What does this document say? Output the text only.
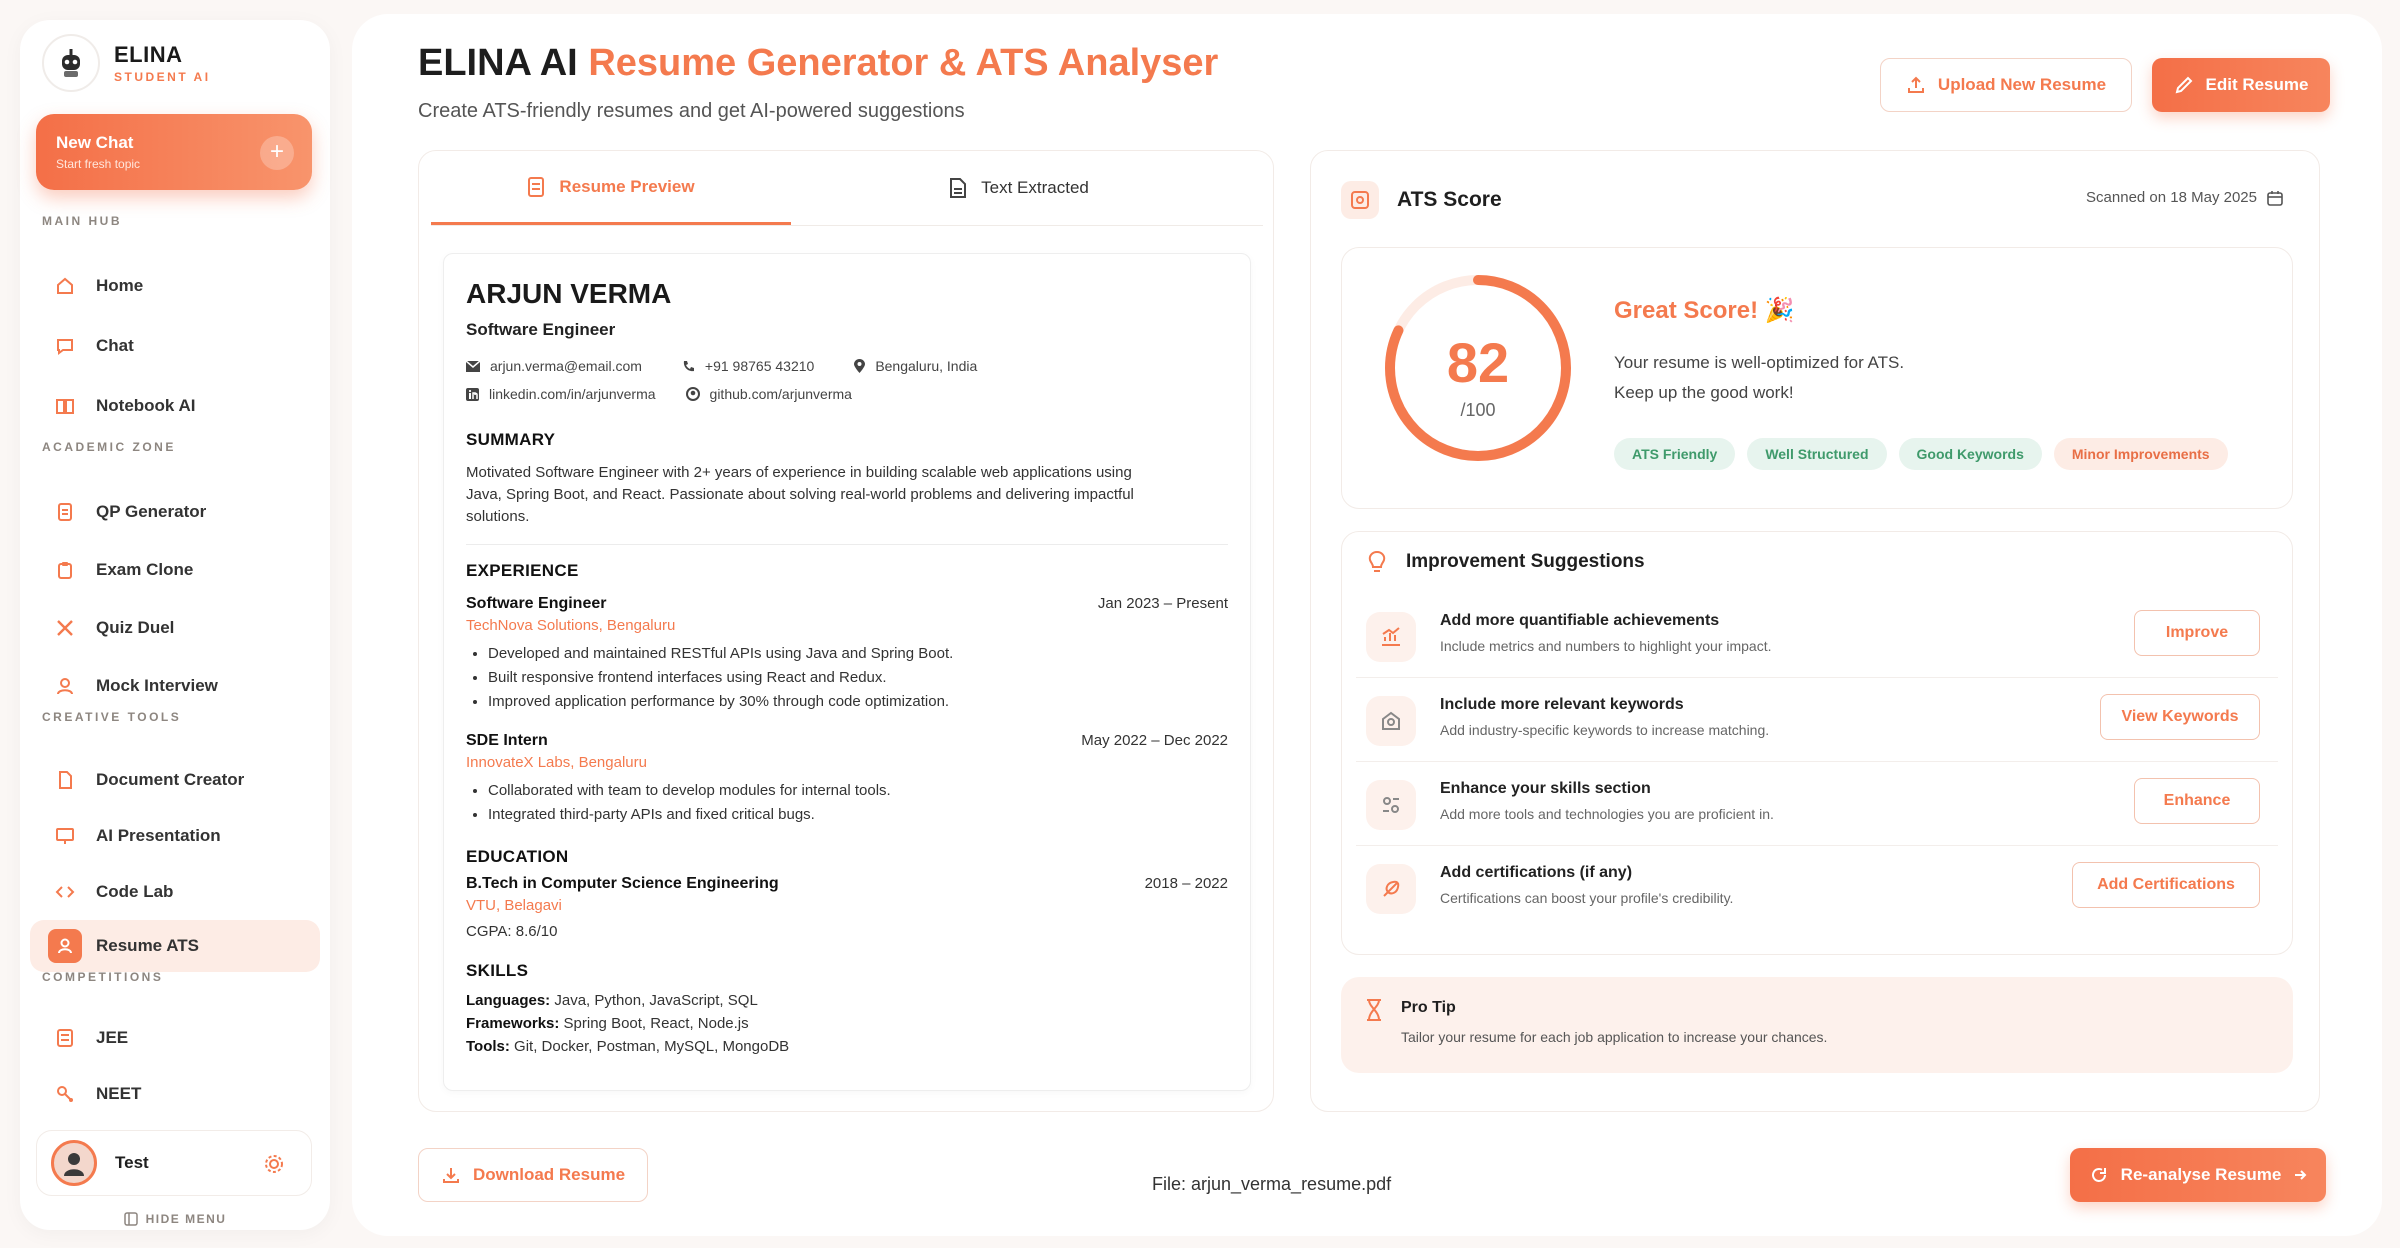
ELINA
STUDENT AI
New Chat
Start fresh topic	+
MAIN HUB
Home
Chat
Notebook AI
ACADEMIC ZONE
QP Generator
Exam Clone
Quiz Duel
Mock Interview
CREATIVE TOOLS
Document Creator
AI Presentation
Code Lab
Resume ATS
COMPETITIONS
JEE
NEET
Test
HIDE MENU
ELINA AI Resume Generator & ATS Analyser
Create ATS-friendly resumes and get AI-powered suggestions
Upload New Resume	Edit Resume
Resume Preview	Text Extracted
ARJUN VERMA
Software Engineer
arjun.verma@email.com	+91 98765 43210	Bengaluru, India
linkedin.com/in/arjunverma	github.com/arjunverma
SUMMARY

Motivated Software Engineer with 2+ years of experience in building scalable web applications using Java, Spring Boot, and React. Passionate about solving real-world problems and delivering impactful solutions.

EXPERIENCE
Software Engineer	Jan 2023 – Present
TechNova Solutions, Bengaluru
• Developed and maintained RESTful APIs using Java and Spring Boot.
• Built responsive frontend interfaces using React and Redux.
• Improved application performance by 30% through code optimization.
SDE Intern	May 2022 – Dec 2022
InnovateX Labs, Bengaluru
• Collaborated with team to develop modules for internal tools.
• Integrated third-party APIs and fixed critical bugs.
EDUCATION
B.Tech in Computer Science Engineering	2018 – 2022
VTU, Belagavi
CGPA: 8.6/10
SKILLS
Languages: Java, Python, JavaScript, SQL
Frameworks: Spring Boot, React, Node.js
Tools: Git, Docker, Postman, MySQL, MongoDB
ATS Score	Scanned on 18 May 2025
82
/100
Great Score! 🎉
Your resume is well-optimized for ATS.
Keep up the good work!
ATS Friendly	Well Structured	Good Keywords	Minor Improvements
Improvement Suggestions
Add more quantifiable achievements
Include metrics and numbers to highlight your impact.
Improve
Include more relevant keywords
Add industry-specific keywords to increase matching.
View Keywords
Enhance your skills section
Add more tools and technologies you are proficient in.
Enhance
Add certifications (if any)
Certifications can boost your profile's credibility.
Add Certifications
Pro Tip
Tailor your resume for each job application to increase your chances.
Download Resume	File: arjun_verma_resume.pdf	Re-analyse Resume
